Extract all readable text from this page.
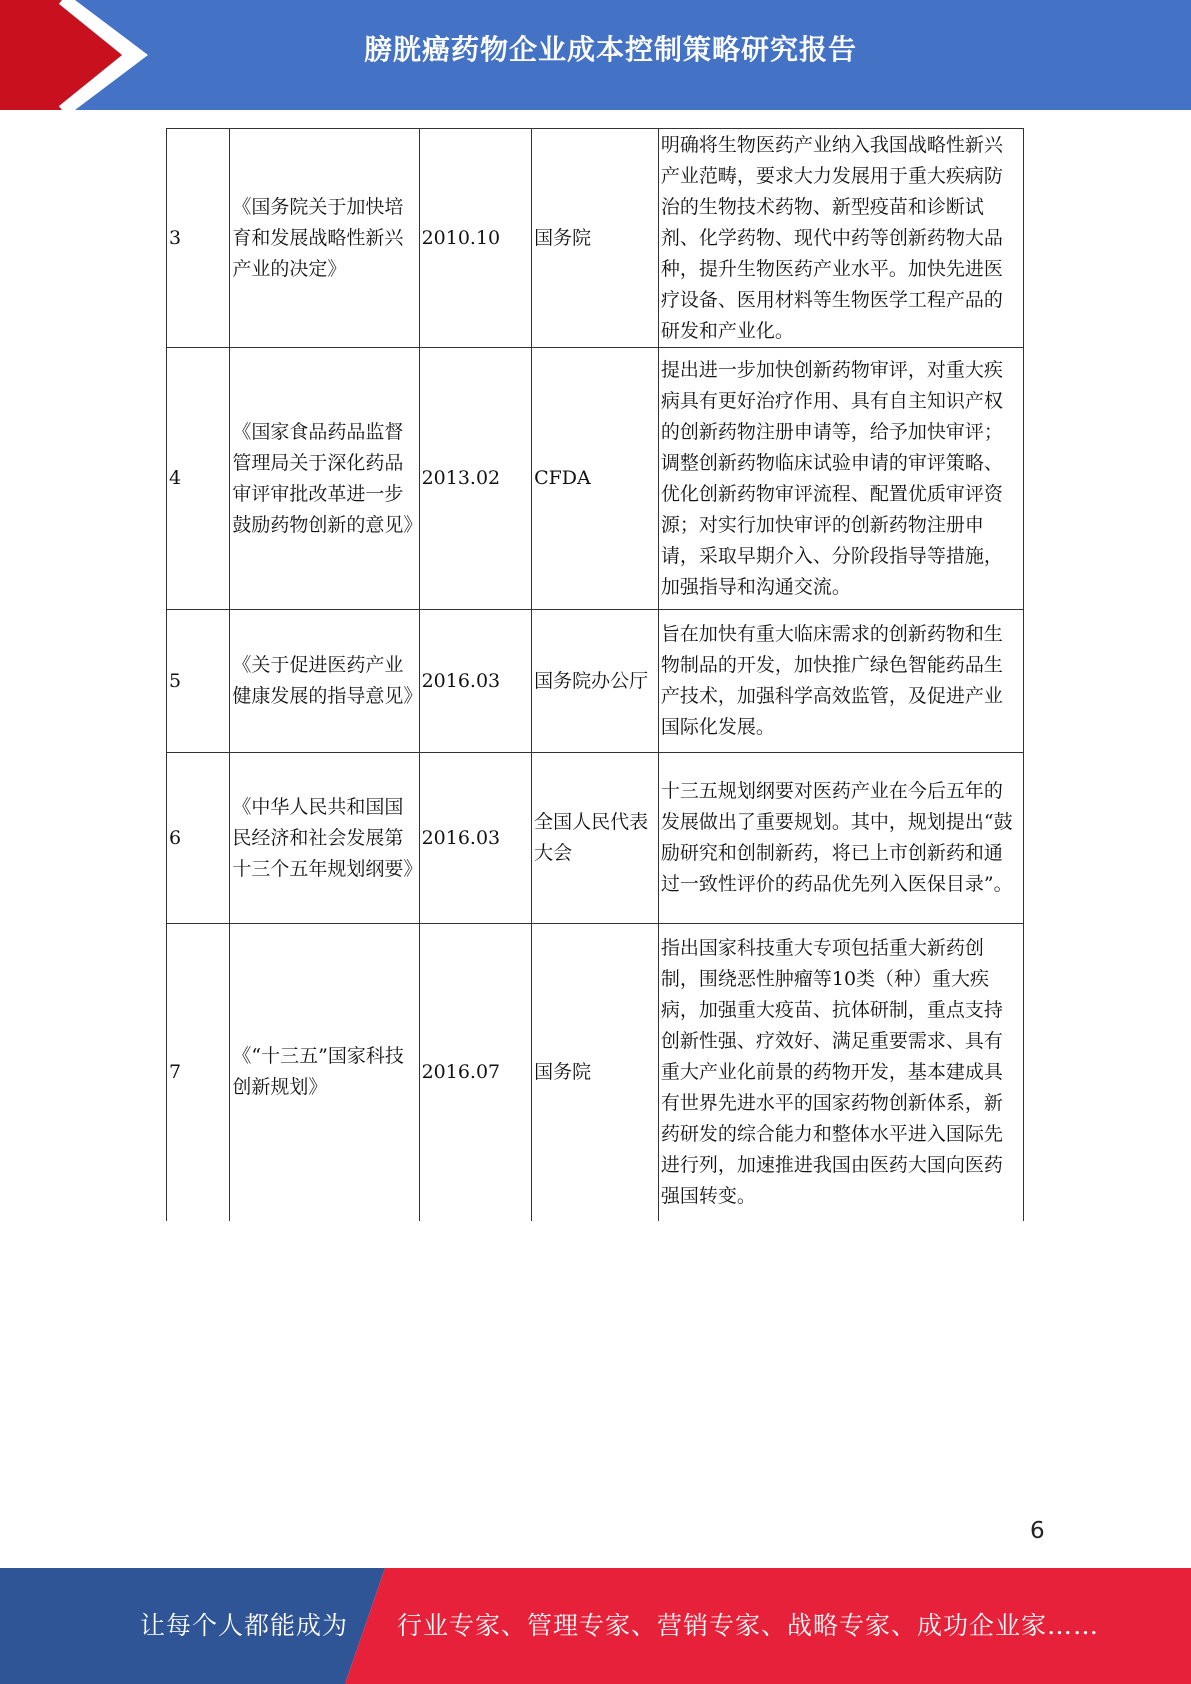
膀胱癌药物企业成本控制策略研究报告
3	《国务院关于加快培育和发展战略性新兴产业的决定》	2010.10	国务院	明确将生物医药产业纳入我国战略性新兴产业范畴，要求大力发展用于重大疾病防治的生物技术药物、新型疫苗和诊断试剂、化学药物、现代中药等创新药物大品种，提升生物医药产业水平。加快先进医疗设备、医用材料等生物医学工程产品的研发和产业化。
4	《国家食品药品监督管理局关于深化药品审评审批改革进一步鼓励药物创新的意见》	2013.02	CFDA	提出进一步加快创新药物审评，对重大疾病具有更好治疗作用、具有自主知识产权的创新药物注册申请等，给予加快审评；调整创新药物临床试验申请的审评策略、优化创新药物审评流程、配置优质审评资源；对实行加快审评的创新药物注册申请，采取早期介入、分阶段指导等措施，加强指导和沟通交流。
5	《关于促进医药产业健康发展的指导意见》	2016.03	国务院办公厅	旨在加快有重大临床需求的创新药物和生物制品的开发，加快推广绿色智能药品生产技术，加强科学高效监管，及促进产业国际化发展。
6	《中华人民共和国国民经济和社会发展第十三个五年规划纲要》	2016.03	全国人民代表大会	十三五规划纲要对医药产业在今后五年的发展做出了重要规划。其中，规划提出“鼓励研究和创制新药，将已上市创新药和通过一致性评价的药品优先列入医保目录”。
7	《“十三五”国家科技创新规划》	2016.07	国务院	指出国家科技重大专项包括重大新药创制，围绕恶性肿瘤等10类（种）重大疾病，加强重大疫苗、抗体研制，重点支持创新性强、疗效好、满足重要需求、具有重大产业化前景的药物开发，基本建成具有世界先进水平的国家药物创新体系，新药研发的综合能力和整体水平进入国际先进行列，加速推进我国由医药大国向医药强国转变。
6
让每个人都能成为 行业专家、管理专家、营销专家、战略专家、成功企业家……
